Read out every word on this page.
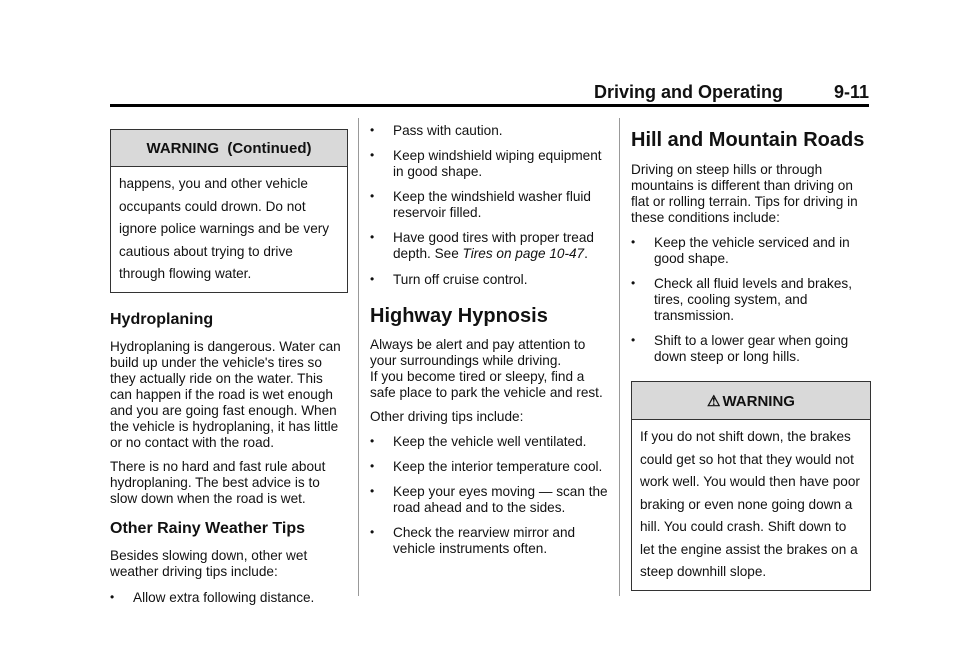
Driving and Operating	9-11
WARNING  (Continued)
happens, you and other vehicle occupants could drown. Do not ignore police warnings and be very cautious about trying to drive through flowing water.
Hydroplaning

Hydroplaning is dangerous. Water can build up under the vehicle's tires so they actually ride on the water. This can happen if the road is wet enough and you are going fast enough. When the vehicle is hydroplaning, it has little or no contact with the road.

There is no hard and fast rule about hydroplaning. The best advice is to slow down when the road is wet.

Other Rainy Weather Tips

Besides slowing down, other wet weather driving tips include:

• Allow extra following distance.
• Pass with caution.
• Keep windshield wiping equipment in good shape.
• Keep the windshield washer fluid reservoir filled.
• Have good tires with proper tread depth. See Tires on page 10-47.
• Turn off cruise control.
Highway Hypnosis

Always be alert and pay attention to your surroundings while driving.

If you become tired or sleepy, find a safe place to park the vehicle and rest.

Other driving tips include:

• Keep the vehicle well ventilated.
• Keep the interior temperature cool.
• Keep your eyes moving — scan the road ahead and to the sides.
• Check the rearview mirror and vehicle instruments often.
Hill and Mountain Roads

Driving on steep hills or through mountains is different than driving on flat or rolling terrain. Tips for driving in these conditions include:

• Keep the vehicle serviced and in good shape.
• Check all fluid levels and brakes, tires, cooling system, and transmission.
• Shift to a lower gear when going down steep or long hills.
⚠ WARNING
If you do not shift down, the brakes could get so hot that they would not work well. You would then have poor braking or even none going down a hill. You could crash. Shift down to let the engine assist the brakes on a steep downhill slope.
